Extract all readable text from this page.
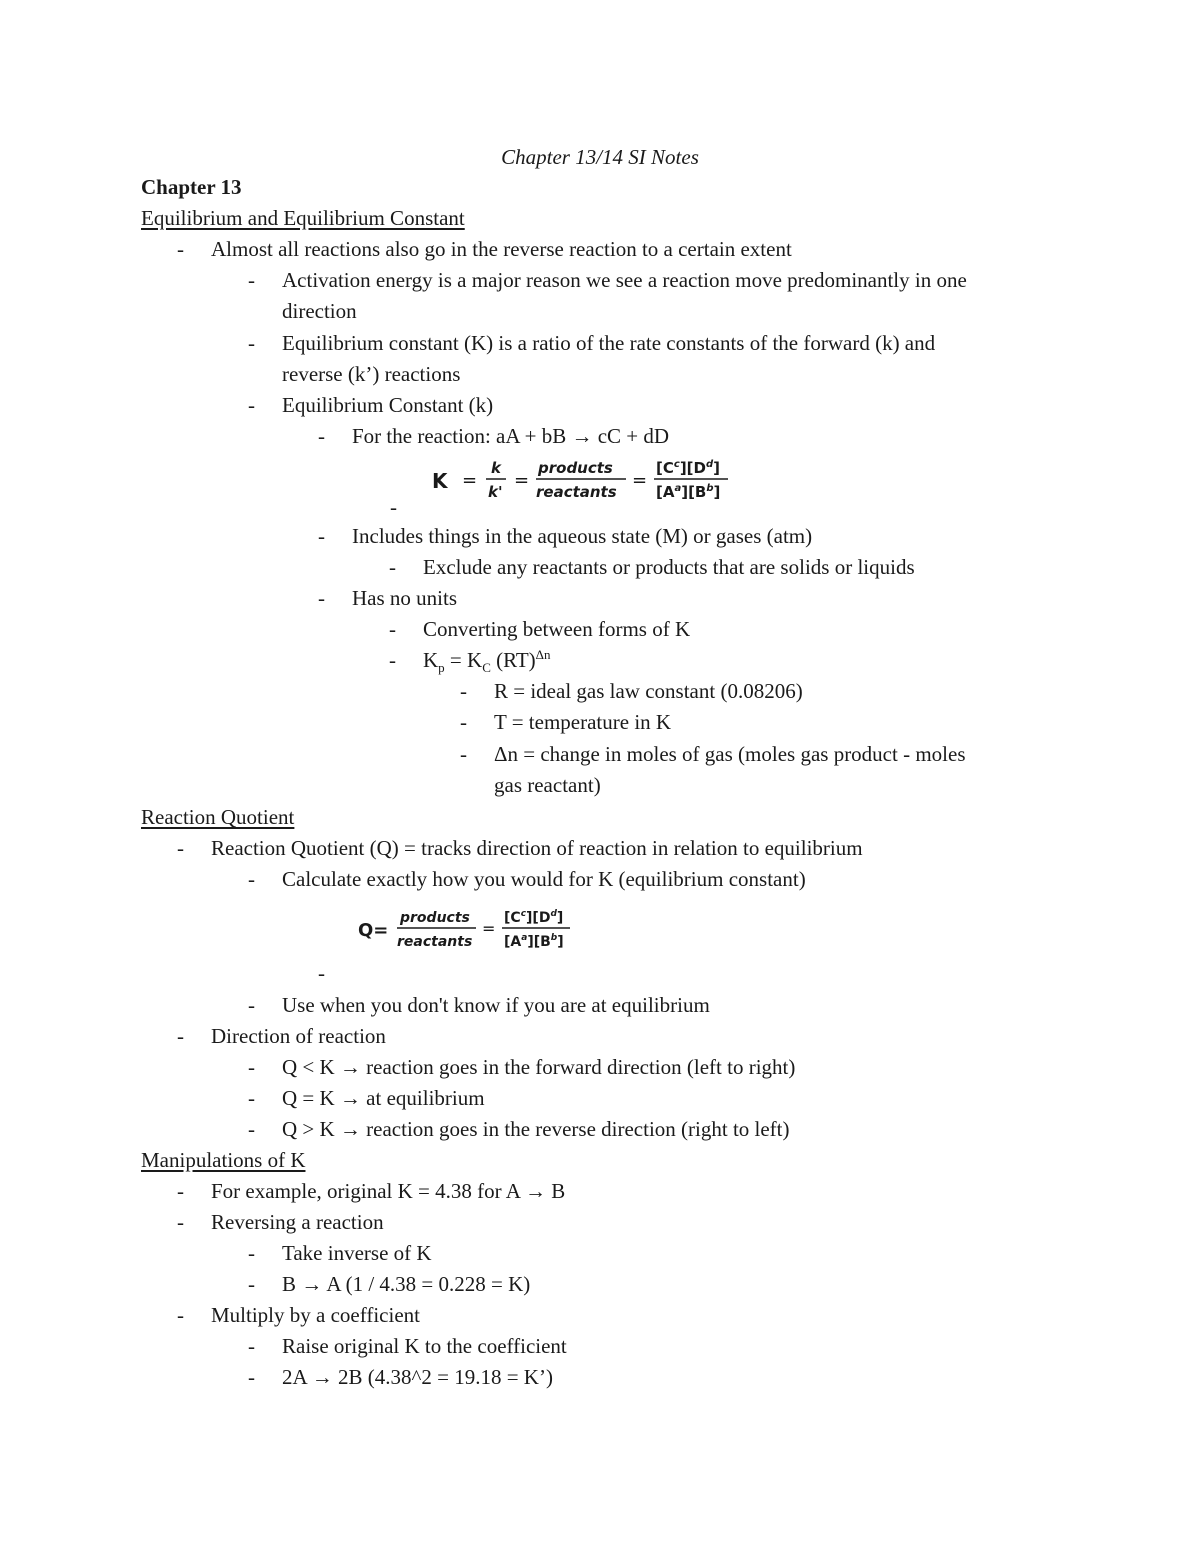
Chapter 13/14 SI Notes
Chapter 13
Equilibrium and Equilibrium Constant
- Almost all reactions also go in the reverse reaction to a certain extent
- Activation energy is a major reason we see a reaction move predominantly in one
direction
- Equilibrium constant (K) is a ratio of the rate constants of the forward (k) and
reverse (k’) reactions
- Equilibrium Constant (k)
- For the reaction: aA + bB → cC + dD
K =
k
k'
=
products
reactants
=
$[C^c][D^d]$
$[A^a][B^b]$
-
- Includes things in the aqueous state (M) or gases (atm)
- Exclude any reactants or products that are solids or liquids
- Has no units
- Converting between forms of K
- $K_p = K_C$ (RT)$^{\Delta n}$
- R = ideal gas law constant (0.08206)
- T = temperature in K
- Δn = change in moles of gas (moles gas product - moles
gas reactant)
Reaction Quotient
- Reaction Quotient (Q) = tracks direction of reaction in relation to equilibrium
- Calculate exactly how you would for K (equilibrium constant)
Q=
products
reactants
=
$[C^c][D^d]$
$[A^a][B^b]$
-
- Use when you don't know if you are at equilibrium
- Direction of reaction
- Q < K → reaction goes in the forward direction (left to right)
- Q = K → at equilibrium
- Q > K → reaction goes in the reverse direction (right to left)
Manipulations of K
- For example, original K = 4.38 for A → B
- Reversing a reaction
- Take inverse of K
- B → A (1 / 4.38 = 0.228 = K)
- Multiply by a coefficient
- Raise original K to the coefficient
- 2A → 2B (4.38^2 = 19.18 = K’)
